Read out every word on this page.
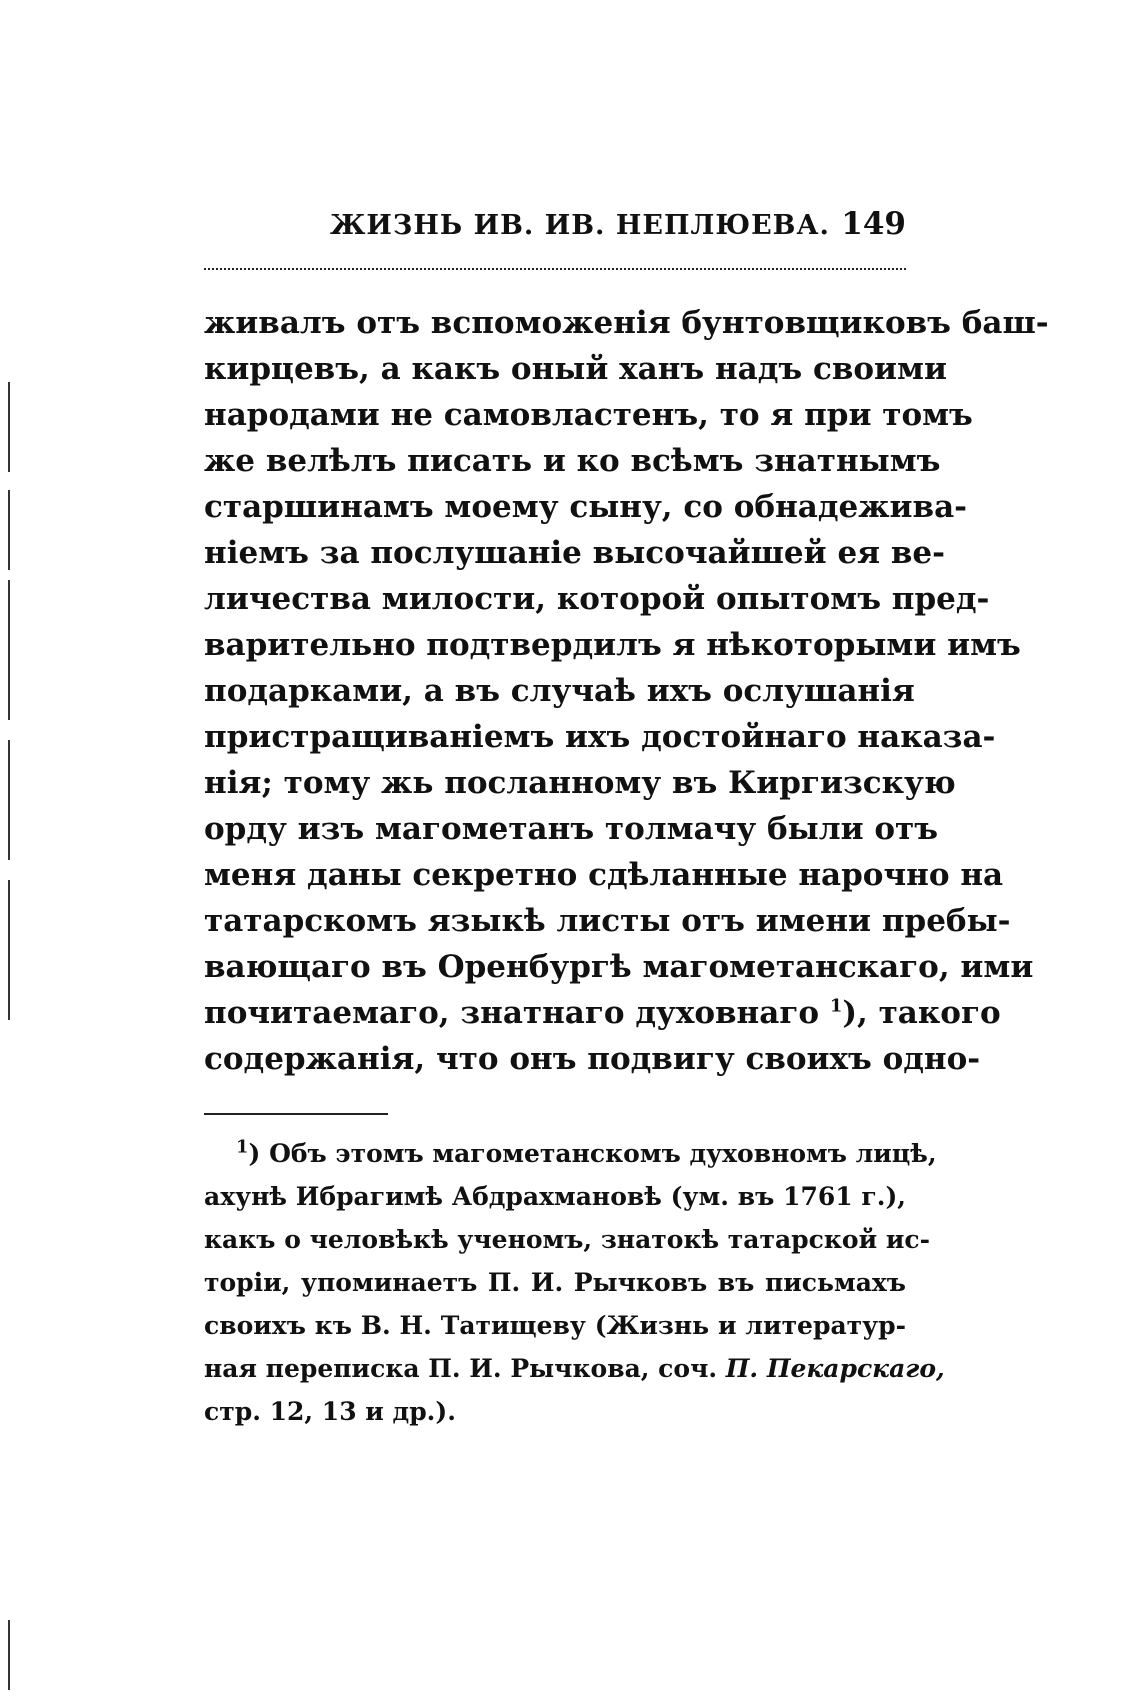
ЖИЗНЬ ИВ. ИВ. НЕПЛЮЕВА. 149
живалъ отъ вспоможенія бунтовщиковъ баш-
кирцевъ, а какъ оный ханъ надъ своими
народами не самовластенъ, то я при томъ
же велѣлъ писать и ко всѣмъ знатнымъ
старшинамъ моему сыну, со обнадежива-
ніемъ за послушаніе высочайшей ея ве-
личества милости, которой опытомъ пред-
варительно подтвердилъ я нѣкоторыми имъ
подарками, а въ случаѣ ихъ ослушанія
пристращиваніемъ ихъ достойнаго наказа-
нія; тому жь посланному въ Киргизскую
орду изъ магометанъ толмачу были отъ
меня даны секретно сдѣланные нарочно на
татарскомъ языкѣ листы отъ имени пребы-
вающаго въ Оренбургѣ магометанскаго, ими
почитаемаго, знатнаго духовнаго $^1$), такого
содержанія, что онъ подвигу своихъ одно-
$^1$) Объ этомъ магометанскомъ духовномъ лицѣ,
ахунѣ Ибрагимѣ Абдрахмановѣ (ум. въ 1761 г.),
какъ о человѣкѣ ученомъ, знатокѣ татарской ис-
торіи, упоминаетъ П. И. Рычковъ въ письмахъ
своихъ къ В. Н. Татищеву (Жизнь и литератур-
ная переписка П. И. Рычкова, соч. П. Пекарскаго,
стр. 12, 13 и др.).
